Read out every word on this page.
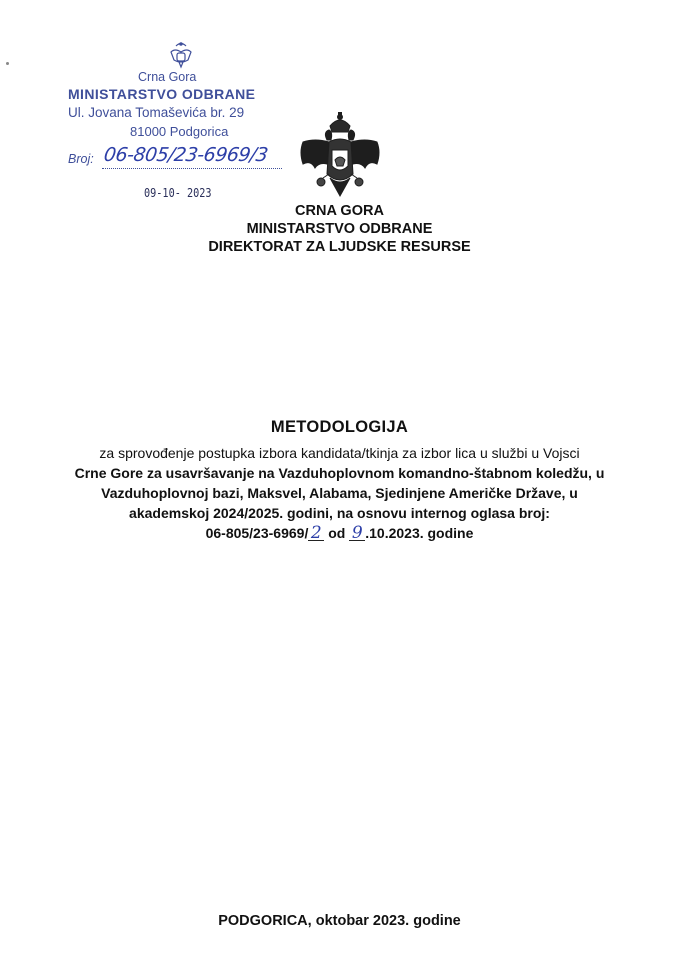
Crna Gora
MINISTARSTVO ODBRANE
Ul. Jovana Tomaševića br. 29
81000 Podgorica
Broj: 06-805/23-6969/3
09-10- 2023
CRNA GORA
MINISTARSTVO ODBRANE
DIREKTORAT ZA LJUDSKE RESURSE
METODOLOGIJA
za sprovođenje postupka izbora kandidata/tkinja za izbor lica u službi u Vojsci
Crne Gore za usavršavanje na Vazduhoplovnom komandno-štabnom koledžu, u
Vazduhoplovnoj bazi, Maksvel, Alabama, Sjedinjene Američke Države, u
akademskoj 2024/2025. godini, na osnovu internog oglasa broj:
06-805/23-6969/ 2 od 9 .10.2023. godine
PODGORICA, oktobar 2023. godine
